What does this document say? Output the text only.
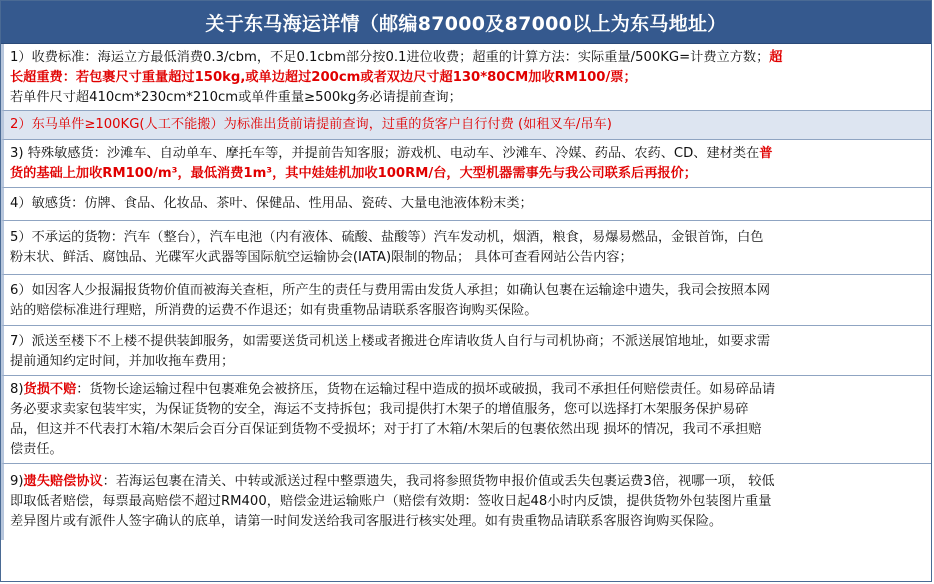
关于东马海运详情（邮编87000及87000以上为东马地址）
1）收费标准：海运立方最低消费0.3/cbm，不足0.1cbm部分按0.1进位收费；超重的计算方法：实际重量/500KG=计费立方数；超
长超重费：若包裹尺寸重量超过150kg,或单边超过200cm或者双边尺寸超130*80CM加收RM100/票；
若单件尺寸超410cm*230cm*210cm或单件重量≥500kg务必请提前查询；
2）东马单件≥100KG(人工不能搬）为标准出货前请提前查询，过重的货客户自行付费 (如租叉车/吊车)
3) 特殊敏感货：沙滩车、自动单车、摩托车等，并提前告知客服；游戏机、电动车、沙滩车、冷媒、药品、农药、CD、建材类在普
货的基础上加收RM100/m³，最低消费1m³，其中娃娃机加收100RM/台，大型机器需事先与我公司联系后再报价；
4）敏感货：仿牌、食品、化妆品、茶叶、保健品、性用品、瓷砖、大量电池液体粉末类；
5）不承运的货物：汽车（整台），汽车电池（内有液体、硫酸、盐酸等）汽车发动机，烟酒，粮食，易爆易燃品，金银首饰，白色
粉末状、鲜活、腐蚀品、光碟军火武器等国际航空运输协会(IATA)限制的物品； 具体可查看网站公告内容；
6）如因客人少报漏报货物价值而被海关查柜，所产生的责任与费用需由发货人承担；如确认包裹在运输途中遗失，我司会按照本网
站的赔偿标准进行理赔，所消费的运费不作退还；如有贵重物品请联系客服咨询购买保险。
7）派送至楼下不上楼不提供装卸服务，如需要送货司机送上楼或者搬进仓库请收货人自行与司机协商；不派送展馆地址，如要求需
提前通知约定时间，并加收拖车费用；
8)货损不赔：货物长途运输过程中包裹难免会被挤压，货物在运输过程中造成的损坏或破损，我司不承担任何赔偿责任。如易碎品请
务必要求卖家包装牢实，为保证货物的安全，海运不支持拆包；我司提供打木架子的增值服务，您可以选择打木架服务保护易碎
品，但这并不代表打木箱/木架后会百分百保证到货物不受损坏；对于打了木箱/木架后的包裹依然出现 损坏的情况，我司不承担赔
偿责任。
9)遗失赔偿协议：若海运包裹在清关、中转或派送过程中整票遗失，我司将参照货物申报价值或丢失包裹运费3倍，视哪一项， 较低
即取低者赔偿，每票最高赔偿不超过RM400，赔偿金进运输账户（赔偿有效期：签收日起48小时内反馈，提供货物外包装图片重量
差异图片或有派件人签字确认的底单，请第一时间发送给我司客服进行核实处理。如有贵重物品请联系客服咨询购买保险。
